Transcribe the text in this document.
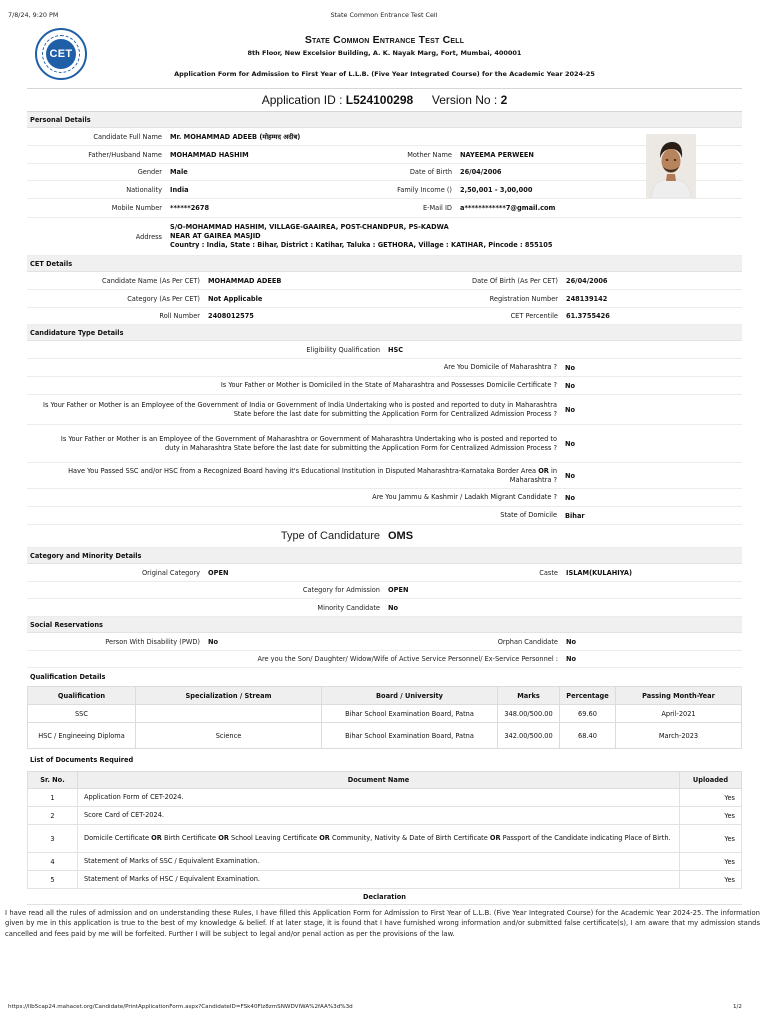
7/8/24, 9:20 PM	State Common Entrance Test Cell
CET
State Common Entrance Test Cell
8th Floor, New Excelsior Building, A. K. Nayak Marg, Fort, Mumbai, 400001
Application Form for Admission to First Year of L.L.B. (Five Year Integrated Course) for the Academic Year 2024-25
Application ID : L524100298 Version No : 2
Personal Details
Candidate Full Name	Mr. MOHAMMAD ADEEB (मोहम्मद अदीब)
Father/Husband Name	MOHAMMAD HASHIM	Mother Name	NAYEEMA PERWEEN
Gender	Male	Date of Birth	26/04/2006
Nationality	India	Family Income ()	2,50,001 - 3,00,000
Mobile Number	******2678	E-Mail ID	a************7@gmail.com
Address
S/O-MOHAMMAD HASHIM, VILLAGE-GAAIREA, POST-CHANDPUR, PS-KADWA
NEAR AT GAIREA MASJID
Country : India, State : Bihar, District : Katihar, Taluka : GETHORA, Village : KATIHAR, Pincode : 855105
CET Details
Candidate Name (As Per CET)	MOHAMMAD ADEEB	Date Of Birth (As Per CET)	26/04/2006
Category (As Per CET)	Not Applicable	Registration Number	248139142
Roll Number	2408012575	CET Percentile	61.3755426
Candidature Type Details
Eligibility Qualification	HSC
Are You Domicile of Maharashtra ?	No
Is Your Father or Mother is Domiciled in the State of Maharashtra and Possesses Domicile Certificate ?	No
Is Your Father or Mother is an Employee of the Government of India or Government of India Undertaking who is posted and reported to duty in Maharashtra State before the last date for submitting the Application Form for Centralized Admission Process ?	No
Is Your Father or Mother is an Employee of the Government of Maharashtra or Government of Maharashtra Undertaking who is posted and reported to duty in Maharashtra State before the last date for submitting the Application Form for Centralized Admission Process ?	No
Have You Passed SSC and/or HSC from a Recognized Board having it's Educational Institution in Disputed Maharashtra-Karnataka Border Area OR in Maharashtra ?	No
Are You Jammu & Kashmir / Ladakh Migrant Candidate ?	No
State of Domicile	Bihar
Type of Candidature OMS
Category and Minority Details
Original Category	OPEN	Caste	ISLAM(KULAHIYA)
Category for Admission	OPEN
Minority Candidate	No
Social Reservations
Person With Disability (PWD)	No	Orphan Candidate	No
Are you the Son/ Daughter/ Widow/Wife of Active Service Personnel/ Ex-Service Personnel :	No
Qualification Details
Qualification	Specialization / Stream	Board / University	Marks	Percentage	Passing Month-Year
SSC		Bihar School Examination Board, Patna	348.00/500.00	69.60	April-2021
HSC / Engineeing Diploma	Science	Bihar School Examination Board, Patna	342.00/500.00	68.40	March-2023
List of Documents Required
Sr. No.	Document Name	Uploaded
1	Application Form of CET-2024.	Yes
2	Score Card of CET-2024.	Yes
3	Domicile Certificate OR Birth Certificate OR School Leaving Certificate OR Community, Nativity & Date of Birth Certificate OR Passport of the Candidate indicating Place of Birth.	Yes
4	Statement of Marks of SSC / Equivalent Examination.	Yes
5	Statement of Marks of HSC / Equivalent Examination.	Yes
Declaration
I have read all the rules of admission and on understanding these Rules, I have filled this Application Form for Admission to First Year of L.L.B. (Five Year Integrated Course) for the Academic Year 2024-25. The information given by me in this application is true to the best of my knowledge & belief. If at later stage, it is found that I have furnished wrong information and/or submitted false certificate(s), I am aware that my admission stands cancelled and fees paid by me will be forfeited. Further I will be subject to legal and/or penal action as per the provisions of the law.
https://llb5cap24.mahacet.org/Candidate/PrintApplicationForm.aspx?CandidateID=FSk40Flz8zmSNWDVIWA%2fAA%3d%3d	1/2
